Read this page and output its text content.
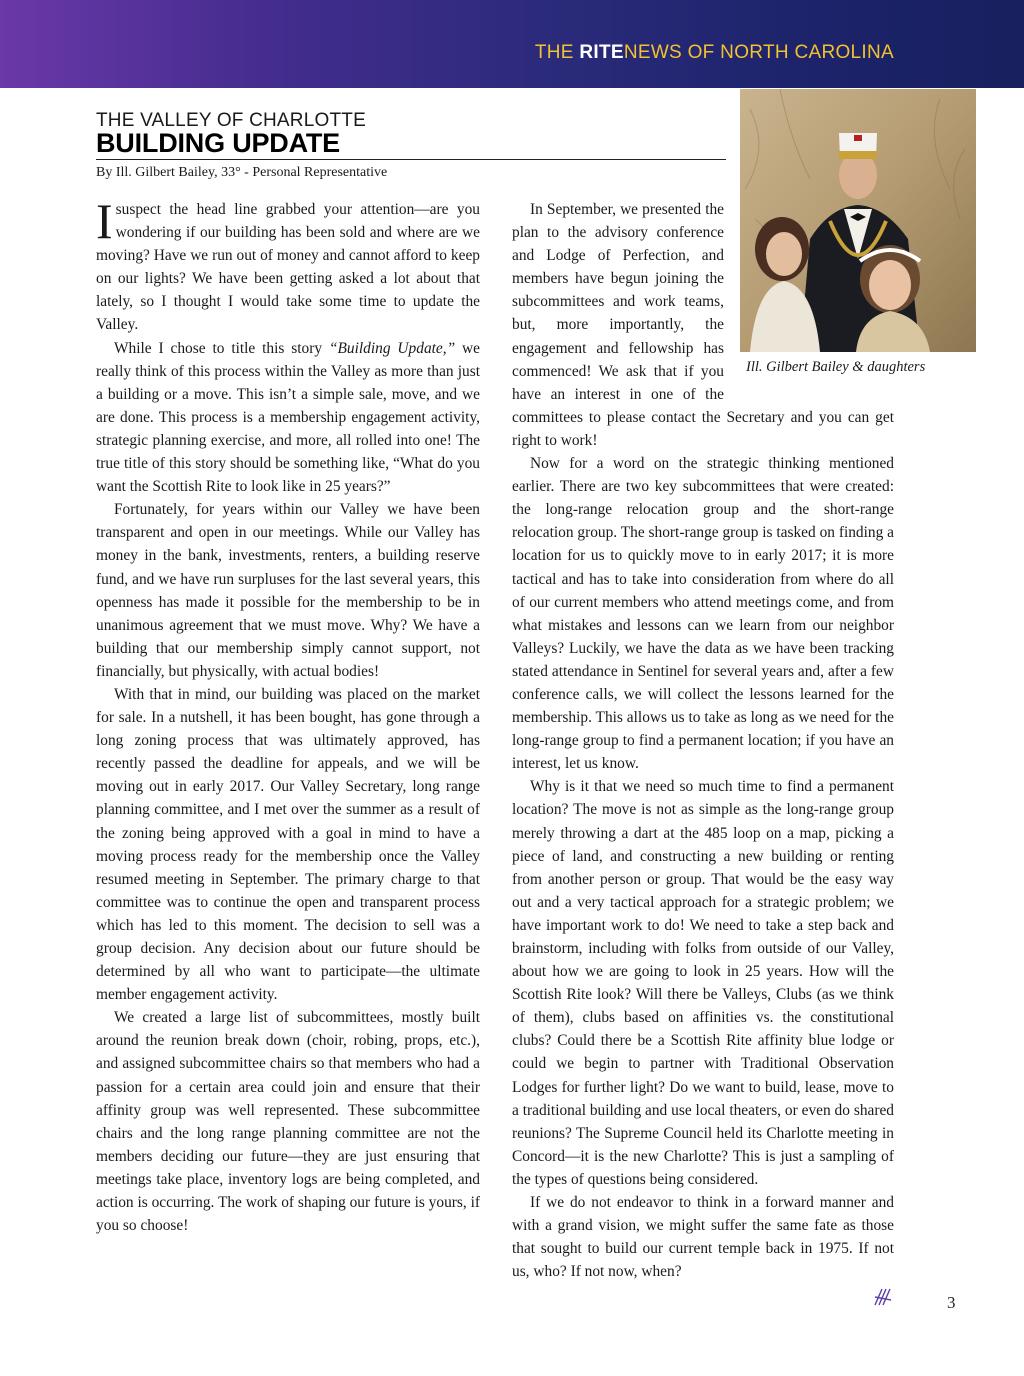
THE RITENEWS OF NORTH CAROLINA
THE VALLEY OF CHARLOTTE
BUILDING UPDATE
By Ill. Gilbert Bailey, 33° - Personal Representative

Isuspect the head line grabbed your attention—are you wondering if our building has been sold and where are we moving? Have we run out of money and cannot afford to keep on our lights? We have been getting asked a lot about that lately, so I thought I would take some time to update the Valley.

While I chose to title this story “Building Update,” we really think of this process within the Valley as more than just a building or a move. This isn’t a simple sale, move, and we are done. This process is a membership engagement activity, strategic planning exercise, and more, all rolled into one! The true title of this story should be something like, “What do you want the Scottish Rite to look like in 25 years?”

Fortunately, for years within our Valley we have been transparent and open in our meetings. While our Valley has money in the bank, investments, renters, a building reserve fund, and we have run surpluses for the last several years, this openness has made it possible for the membership to be in unanimous agreement that we must move. Why? We have a building that our membership simply cannot support, not financially, but physically, with actual bodies!

With that in mind, our building was placed on the market for sale. In a nutshell, it has been bought, has gone through a long zoning process that was ultimately approved, has recently passed the deadline for appeals, and we will be moving out in early 2017. Our Valley Secretary, long range planning committee, and I met over the summer as a result of the zoning being approved with a goal in mind to have a moving process ready for the membership once the Valley resumed meeting in September. The primary charge to that committee was to continue the open and transparent process which has led to this moment. The decision to sell was a group decision. Any decision about our future should be determined by all who want to participate—the ultimate member engagement activity.

We created a large list of subcommittees, mostly built around the reunion break down (choir, robing, props, etc.), and assigned subcommittee chairs so that members who had a passion for a certain area could join and ensure that their affinity group was well represented. These subcommittee chairs and the long range planning committee are not the members deciding our future—they are just ensuring that meetings take place, inventory logs are being completed, and action is occurring. The work of shaping our future is yours, if you so choose!

In September, we presented the plan to the advisory conference and Lodge of Perfection, and members have begun joining the subcommittees and work teams, but, more importantly, the engagement and fellowship has commenced! We ask that if you have an interest in one of the committees to please contact the Secretary and you can get right to work!

Now for a word on the strategic thinking mentioned earlier. There are two key subcommittees that were created: the long-range relocation group and the short-range relocation group. The short-range group is tasked on finding a location for us to quickly move to in early 2017; it is more tactical and has to take into consideration from where do all of our current members who attend meetings come, and from what mistakes and lessons can we learn from our neighbor Valleys? Luckily, we have the data as we have been tracking stated attendance in Sentinel for several years and, after a few conference calls, we will collect the lessons learned for the membership. This allows us to take as long as we need for the long-range group to find a permanent location; if you have an interest, let us know.

Why is it that we need so much time to find a permanent location? The move is not as simple as the long-range group merely throwing a dart at the 485 loop on a map, picking a piece of land, and constructing a new building or renting from another person or group. That would be the easy way out and a very tactical approach for a strategic problem; we have important work to do! We need to take a step back and brainstorm, including with folks from outside of our Valley, about how we are going to look in 25 years. How will the Scottish Rite look? Will there be Valleys, Clubs (as we think of them), clubs based on affinities vs. the constitutional clubs? Could there be a Scottish Rite affinity blue lodge or could we begin to partner with Traditional Observation Lodges for further light? Do we want to build, lease, move to a traditional building and use local theaters, or even do shared reunions? The Supreme Council held its Charlotte meeting in Concord—it is the new Charlotte? This is just a sampling of the types of questions being considered.

If we do not endeavor to think in a forward manner and with a grand vision, we might suffer the same fate as those that sought to build our current temple back in 1975. If not us, who? If not now, when?

Ill. Gilbert Bailey & daughters
3
